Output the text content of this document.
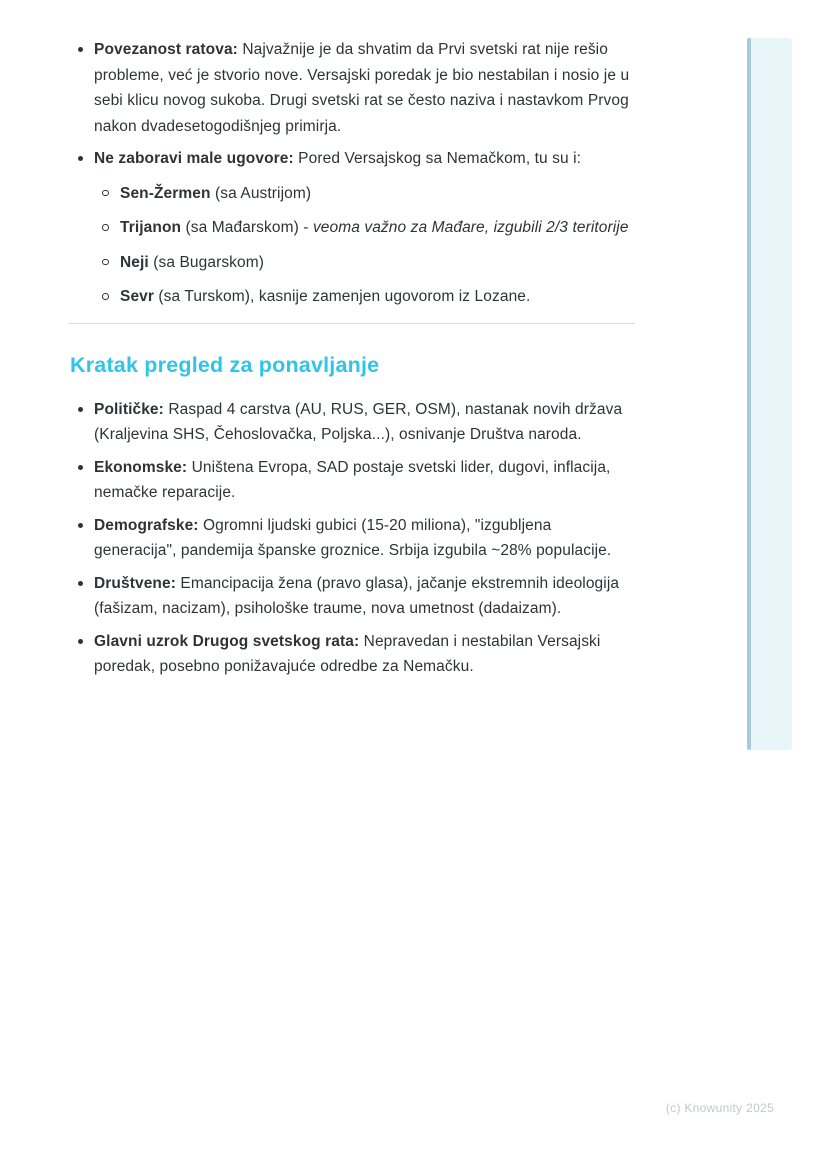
Povezanost ratova: Najvažnije je da shvatim da Prvi svetski rat nije rešio probleme, već je stvorio nove. Versajski poredak je bio nestabilan i nosio je u sebi klicu novog sukoba. Drugi svetski rat se često naziva i nastavkom Prvog nakon dvadesetogodišnjeg primirja.
Ne zaboravi male ugovore: Pored Versajskog sa Nemačkom, tu su i:
Sen-Žermen (sa Austrijom)
Trijanon (sa Mađarskom) - veoma važno za Mađare, izgubili 2/3 teritorije
Neji (sa Bugarskom)
Sevr (sa Turskom), kasnije zamenjen ugovorom iz Lozane.
Kratak pregled za ponavljanje
Političke: Raspad 4 carstva (AU, RUS, GER, OSM), nastanak novih država (Kraljevina SHS, Čehoslovačka, Poljska...), osnivanje Društva naroda.
Ekonomske: Uništena Evropa, SAD postaje svetski lider, dugovi, inflacija, nemačke reparacije.
Demografske: Ogromni ljudski gubici (15-20 miliona), "izgubljena generacija", pandemija španske groznice. Srbija izgubila ~28% populacije.
Društvene: Emancipacija žena (pravo glasa), jačanje ekstremnih ideologija (fašizam, nacizam), psihološke traume, nova umetnost (dadaizam).
Glavni uzrok Drugog svetskog rata: Nepravedan i nestabilan Versajski poredak, posebno ponižavajuće odredbe za Nemačku.
(c) Knowunity 2025
